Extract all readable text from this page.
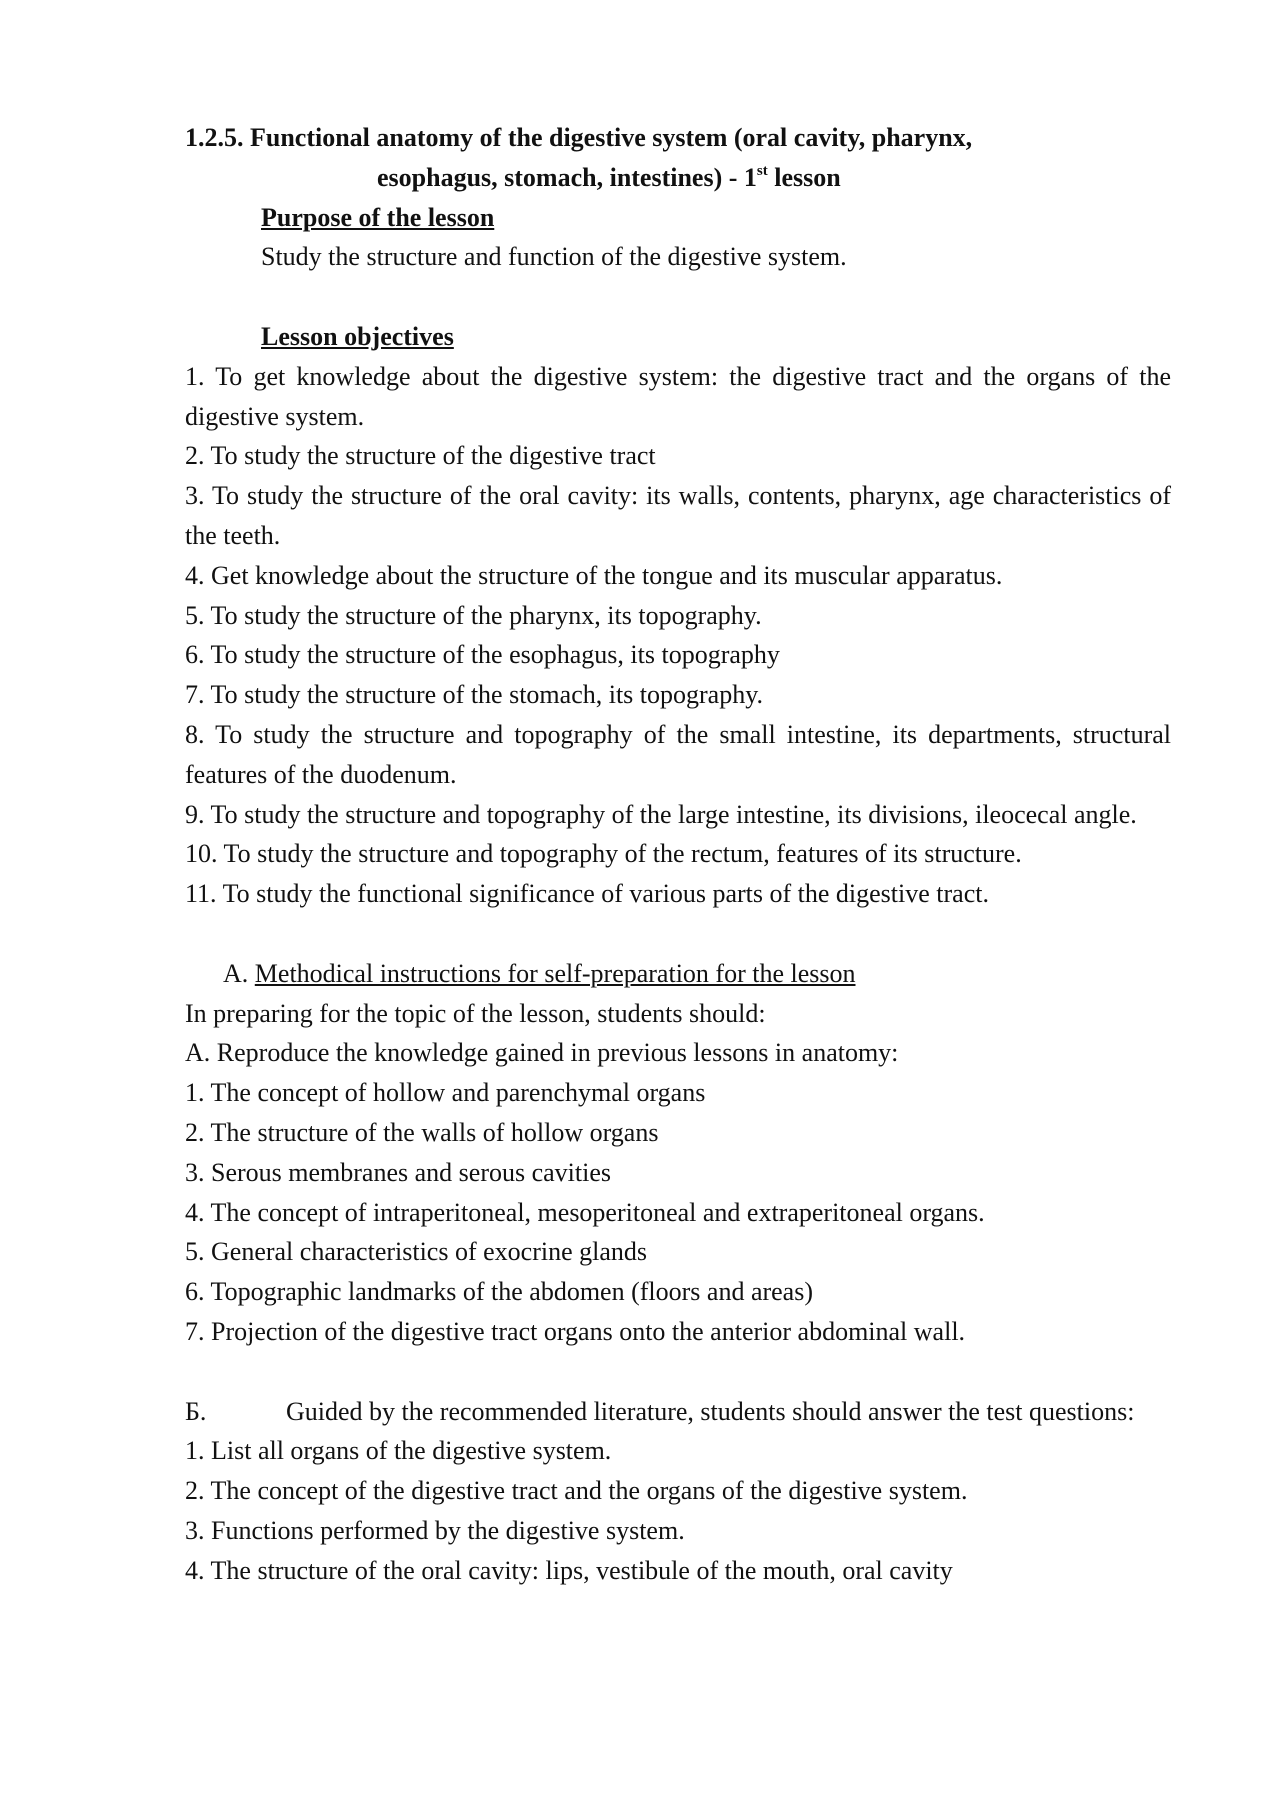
1.2.5. Functional anatomy of the digestive system (oral cavity, pharynx,
esophagus, stomach, intestines) - 1st lesson

Purpose of the lesson

Study the structure and function of the digestive system.

Lesson objectives

1. To get knowledge about the digestive system: the digestive tract and the organs of the digestive system.

2. To study the structure of the digestive tract

3. To study the structure of the oral cavity: its walls, contents, pharynx, age characteristics of the teeth.

4. Get knowledge about the structure of the tongue and its muscular apparatus.

5. To study the structure of the pharynx, its topography.

6. To study the structure of the esophagus, its topography

7. To study the structure of the stomach, its topography.

8. To study the structure and topography of the small intestine, its departments, structural features of the duodenum.

9. To study the structure and topography of the large intestine, its divisions, ileocecal angle.

10. To study the structure and topography of the rectum, features of its structure.

11. To study the functional significance of various parts of the digestive tract.

A. Methodical instructions for self-preparation for the lesson

In preparing for the topic of the lesson, students should:

A. Reproduce the knowledge gained in previous lessons in anatomy:

1. The concept of hollow and parenchymal organs

2. The structure of the walls of hollow organs

3. Serous membranes and serous cavities

4. The concept of intraperitoneal, mesoperitoneal and extraperitoneal organs.

5. General characteristics of exocrine glands

6. Topographic landmarks of the abdomen (floors and areas)

7. Projection of the digestive tract organs onto the anterior abdominal wall.

Б.	Guided by the recommended literature, students should answer the test questions:

1. List all organs of the digestive system.

2. The concept of the digestive tract and the organs of the digestive system.

3. Functions performed by the digestive system.

4. The structure of the oral cavity: lips, vestibule of the mouth, oral cavity
